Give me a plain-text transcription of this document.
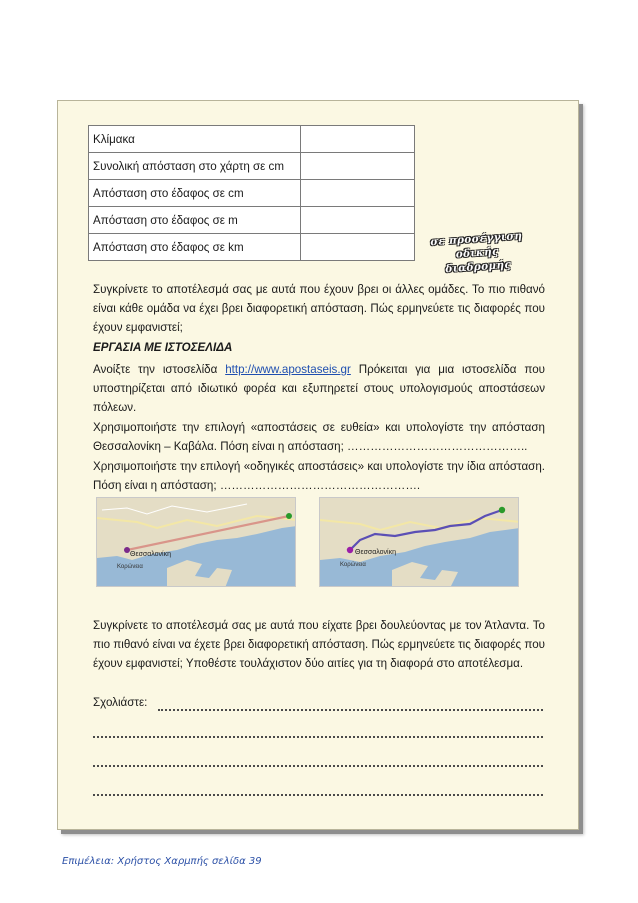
Κλίμακα	
Συνολική απόσταση στο χάρτη σε cm	
Απόσταση στο έδαφος σε cm	
Απόσταση στο έδαφος σε m	
Απόσταση στο έδαφος σε km		σε προσέγγιση
οδικής διαδρομής
Συγκρίνετε το αποτέλεσμά σας με αυτά που έχουν βρει οι άλλες ομάδες. Το πιο πιθανό είναι κάθε ομάδα να έχει βρει διαφορετική απόσταση. Πώς ερμηνεύετε τις διαφορές που έχουν εμφανιστεί;
ΕΡΓΑΣΙΑ ΜΕ ΙΣΤΟΣΕΛΙΔΑ
Ανοίξτε την ιστοσελίδα http://www.apostaseis.gr Πρόκειται για μια ιστοσελίδα που υποστηρίζεται από ιδιωτικό φορέα και εξυπηρετεί στους υπολογισμούς αποστάσεων πόλεων.
Χρησιμοποιήστε την επιλογή «αποστάσεις σε ευθεία» και υπολογίστε την απόσταση Θεσσαλονίκη – Καβάλα. Πόση είναι η απόσταση; ………………………………………..
Χρησιμοποιήστε την επιλογή «οδηγικές αποστάσεις» και υπολογίστε την ίδια απόσταση. Πόση είναι η απόσταση; …………………………………………….
Θεσσαλονίκη
Κορώνεια
Θεσσαλονίκη
Κορώνεια
Συγκρίνετε το αποτέλεσμά σας με αυτά που είχατε βρει δουλεύοντας με τον Άτλαντα. Το πιο πιθανό είναι να έχετε βρει διαφορετική απόσταση. Πώς ερμηνεύετε τις διαφορές που έχουν εμφανιστεί; Υποθέστε τουλάχιστον δύο αιτίες για τη διαφορά στο αποτέλεσμα.
Σχολιάστε:
Επιμέλεια: Χρήστος Χαρμπής σελίδα 39
